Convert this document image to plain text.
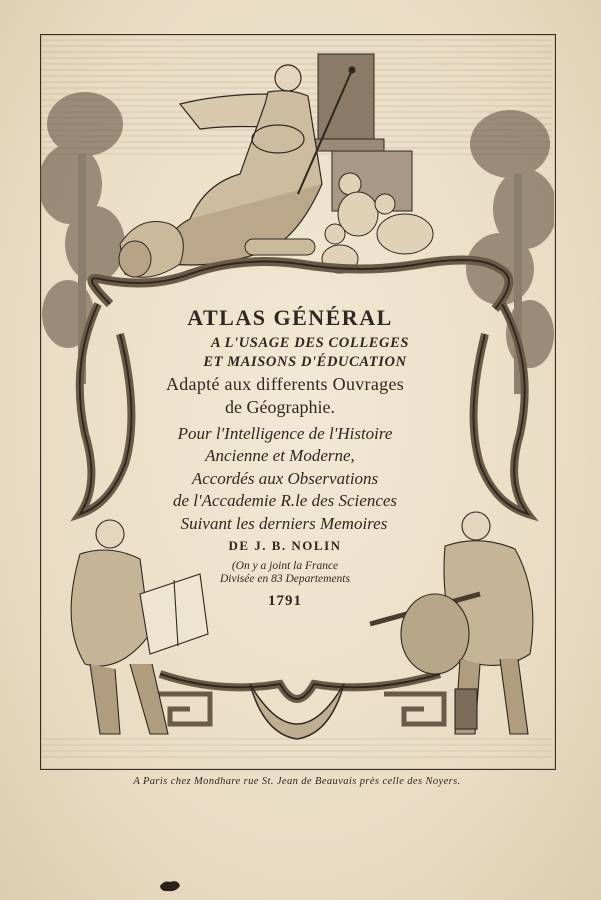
ATLAS GÉNÉRAL
A L'USAGE DES COLLEGES
ET MAISONS D'ÉDUCATION
Adapté aux differents Ouvrages
de Géographie.
Pour l'Intelligence de l'Histoire
Ancienne et Moderne,
Accordés aux Observations
de l'Accademie R.le des Sciences
Suivant les derniers Memoires
DE J. B. NOLIN
(On y a joint la France
Divisée en 83 Departements
1791
A Paris chez Mondhare rue St. Jean de Beauvais près celle des Noyers.
